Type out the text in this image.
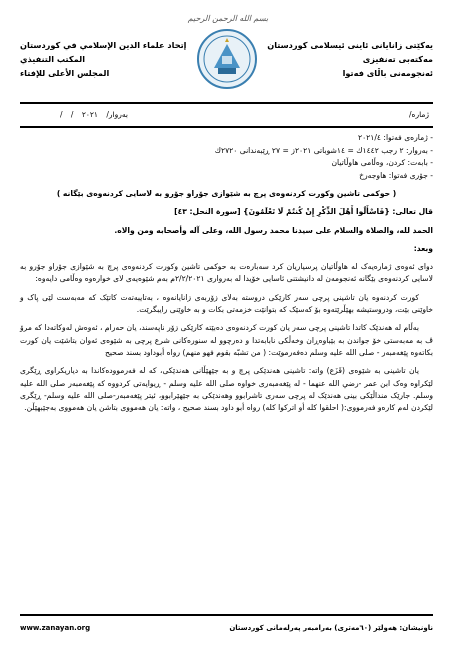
یەکێتی زانایانی ئاینی ئیسلامی کوردستان
مەکتەبی تەنفیزی
ئەنجومەنی باڵای فەتوا
بسم الله الرحمن الرحيم
إتحاد علماء الدين الإسلامي في كوردستان
المكتب التنفيذي
المجلس الأعلى للإفتاء
ژمارە/
بەروار/ / / ٢٠٢١

- ژمارەی فەتوا: ٢٠٢١/٤

- بەروار: ٢ رجب ١٤٤٢ك = ١٤شوباتی ٢٠٢١ز = ٢٧ ڕێبەندانی ٢٧٢٠ك

- بابەت: کردن، وەڵامی هاوڵاتیان

- جۆری فەتوا: هاوجەرخ

( حوکمی تاشین وکورت کردنەوەی پرچ بە شێوازی جۆراو جۆرو بە لاسایی کردنەوەی بێگانە )

قال تعالى: {فَاسْأَلُوا أَهْلَ الذِّكْرِ إِنْ كُنتُمْ لَا تَعْلَمُونَ} [سورة النحل: ٤٣]

الحمد لله، والصلاة والسلام على سيدنا محمد رسول الله، وعلى آله وأصحابه ومن والاه.

وبعد:

دوای ئەوەی ژمارەیەک لە هاوڵاتیان پرسیاریان کرد سەبارەت بە حوکمی تاشین وکورت کردنەوەی پرچ بە شێوازی جۆراو جۆرو بە لاسایی کردنەوەی بێگانە ئەنجومەن لە دانیشتنی ئاسایی خۆیدا لە بەرواری ٢/٢/٢٠٢١م بەم شێوەیەی لای خوارەوە وەڵامی دایەوە:

کورت کردنەوە یان تاشینی پرچی سەر کارێکی دروستە بەلای زۆربەی زانایانەوە ، بەتایبەتەت کاتێک کە مەبەست لێی پاک و خاوێنی بێت، ودروستیشە بهێڵرێتەوە بۆ کەسێک کە بتوانێت خزمەتی بکات و بە خاوێنی رایبگرێت.

بەڵام لە هەندێک کاتدا تاشینی پرچی سەر یان کورت کردنەوەی دەبێتە کارێکی زۆر ناپەسند، یان حەرام ، ئەوەش لەوکاتەدا کە مرۆ ڤ بە مەبەستی خۆ جواندن بە بێباوەڕان وخەڵکی نابابەتدا و دەرچوو لە سنورەکانی شرع پرچی بە شێوەی ئەوان بتاشێت یان کورت بکاتەوە پێغەمبەر - صلى الله عليه وسلم دەفەرموێت: ( من تشبّه بقوم فهو منهم) رواه أبوداود بسند صحيح

یان تاشینی بە شێوەی (قَزَع) واتە: تاشینی هەندێکی پرچ و بە جێهێڵانی هەندێکی، کە لە فەرموودەکاندا بە دیاریکراوی ڕێگری لێکراوە وەک ابن عمر -رضي الله عنهما - لە پێغەمبەری خواوە صلى الله عليه وسلم - ڕیوایەتی کردووە کە پێغەمبەر صلى الله عليه وسلم. جارێک منداڵێکی بینی هەندێک لە پرچی سەری تاشرابوو وهەندێکی بە جێهێرابوو، ئیتر پێغەمبەر-صلى الله عليه وسلم- ڕێگری لێکردن لەم کارەو فەرمووی:( احلقوا كله أو اتركوا كله) رواه أبو داود بسند صحيح ، واتە: یان هەمووی بتاشن یان هەمووی بەجێبهێڵن.

www.zanayan.org	ناونیشان: هەولێر (٦٠مەتری) بەرامبەر پەرلەمانی کوردستان
